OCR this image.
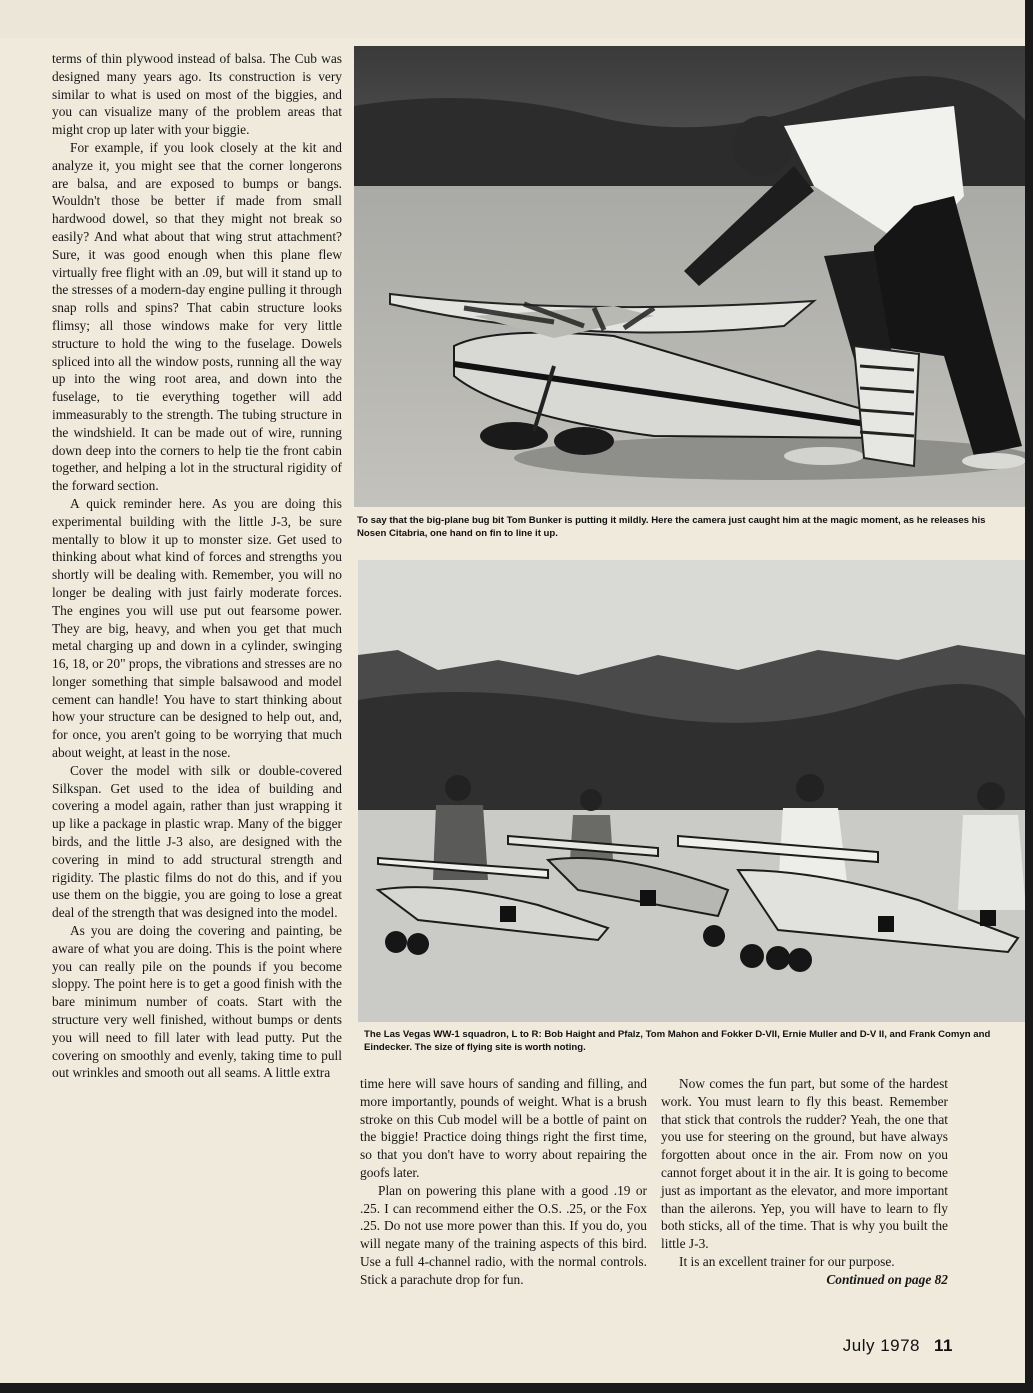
terms of thin plywood instead of balsa. The Cub was designed many years ago. Its construction is very similar to what is used on most of the biggies, and you can visualize many of the problem areas that might crop up later with your biggie.

For example, if you look closely at the kit and analyze it, you might see that the corner longerons are balsa, and are exposed to bumps or bangs. Wouldn't those be better if made from small hardwood dowel, so that they might not break so easily? And what about that wing strut attachment? Sure, it was good enough when this plane flew virtually free flight with an .09, but will it stand up to the stresses of a modern-day engine pulling it through snap rolls and spins? That cabin structure looks flimsy; all those windows make for very little structure to hold the wing to the fuselage. Dowels spliced into all the window posts, running all the way up into the wing root area, and down into the fuselage, to tie everything together will add immeasurably to the strength. The tubing structure in the windshield. It can be made out of wire, running down deep into the corners to help tie the front cabin together, and helping a lot in the structural rigidity of the forward section.

A quick reminder here. As you are doing this experimental building with the little J-3, be sure mentally to blow it up to monster size. Get used to thinking about what kind of forces and strengths you shortly will be dealing with. Remember, you will no longer be dealing with just fairly moderate forces. The engines you will use put out fearsome power. They are big, heavy, and when you get that much metal charging up and down in a cylinder, swinging 16, 18, or 20" props, the vibrations and stresses are no longer something that simple balsawood and model cement can handle! You have to start thinking about how your structure can be designed to help out, and, for once, you aren't going to be worrying that much about weight, at least in the nose.

Cover the model with silk or double-covered Silkspan. Get used to the idea of building and covering a model again, rather than just wrapping it up like a package in plastic wrap. Many of the bigger birds, and the little J-3 also, are designed with the covering in mind to add structural strength and rigidity. The plastic films do not do this, and if you use them on the biggie, you are going to lose a great deal of the strength that was designed into the model.

As you are doing the covering and painting, be aware of what you are doing. This is the point where you can really pile on the pounds if you become sloppy. The point here is to get a good finish with the bare minimum number of coats. Start with the structure very well finished, without bumps or dents you will need to fill later with lead putty. Put the covering on smoothly and evenly, taking time to pull out wrinkles and smooth out all seams. A little extra

To say that the big-plane bug bit Tom Bunker is putting it mildly. Here the camera just caught him at the magic moment, as he releases his Nosen Citabria, one hand on fin to line it up.
The Las Vegas WW-1 squadron, L to R: Bob Haight and Pfalz, Tom Mahon and Fokker D-VII, Ernie Muller and D-V II, and Frank Comyn and Eindecker. The size of flying site is worth noting.

time here will save hours of sanding and filling, and more importantly, pounds of weight. What is a brush stroke on this Cub model will be a bottle of paint on the biggie! Practice doing things right the first time, so that you don't have to worry about repairing the goofs later.

Plan on powering this plane with a good .19 or .25. I can recommend either the O.S. .25, or the Fox .25. Do not use more power than this. If you do, you will negate many of the training aspects of this bird. Use a full 4-channel radio, with the normal controls. Stick a parachute drop for fun.

Now comes the fun part, but some of the hardest work. You must learn to fly this beast. Remember that stick that controls the rudder? Yeah, the one that you use for steering on the ground, but have always forgotten about once in the air. From now on you cannot forget about it in the air. It is going to become just as important as the elevator, and more important than the ailerons. Yep, you will have to learn to fly both sticks, all of the time. That is why you built the little J-3.

It is an excellent trainer for our purpose.

Continued on page 82
July 1978 11
